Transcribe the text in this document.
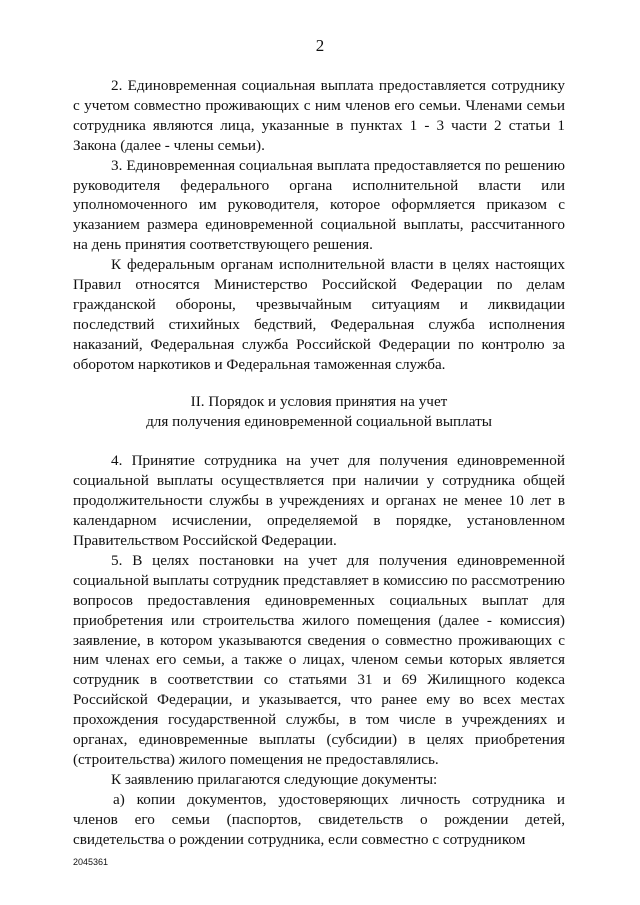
2

2. Единовременная социальная выплата предоставляется сотруднику с учетом совместно проживающих с ним членов его семьи. Членами семьи сотрудника являются лица, указанные в пунктах 1 - 3 части 2 статьи 1 Закона (далее - члены семьи).

3. Единовременная социальная выплата предоставляется по решению руководителя федерального органа исполнительной власти или уполномоченного им руководителя, которое оформляется приказом с указанием размера единовременной социальной выплаты, рассчитанного на день принятия соответствующего решения.

К федеральным органам исполнительной власти в целях настоящих Правил относятся Министерство Российской Федерации по делам гражданской обороны, чрезвычайным ситуациям и ликвидации последствий стихийных бедствий, Федеральная служба исполнения наказаний, Федеральная служба Российской Федерации по контролю за оборотом наркотиков и Федеральная таможенная служба.

II. Порядок и условия принятия на учет
для получения единовременной социальной выплаты

4. Принятие сотрудника на учет для получения единовременной социальной выплаты осуществляется при наличии у сотрудника общей продолжительности службы в учреждениях и органах не менее 10 лет в календарном исчислении, определяемой в порядке, установленном Правительством Российской Федерации.

5. В целях постановки на учет для получения единовременной социальной выплаты сотрудник представляет в комиссию по рассмотрению вопросов предоставления единовременных социальных выплат для приобретения или строительства жилого помещения (далее - комиссия) заявление, в котором указываются сведения о совместно проживающих с ним членах его семьи, а также о лицах, членом семьи которых является сотрудник в соответствии со статьями 31 и 69 Жилищного кодекса Российской Федерации, и указывается, что ранее ему во всех местах прохождения государственной службы, в том числе в учреждениях и органах, единовременные выплаты (субсидии) в целях приобретения (строительства) жилого помещения не предоставлялись.

К заявлению прилагаются следующие документы:

а) копии документов, удостоверяющих личность сотрудника и членов его семьи (паспортов, свидетельств о рождении детей, свидетельства о рождении сотрудника, если совместно с сотрудником

2045361
